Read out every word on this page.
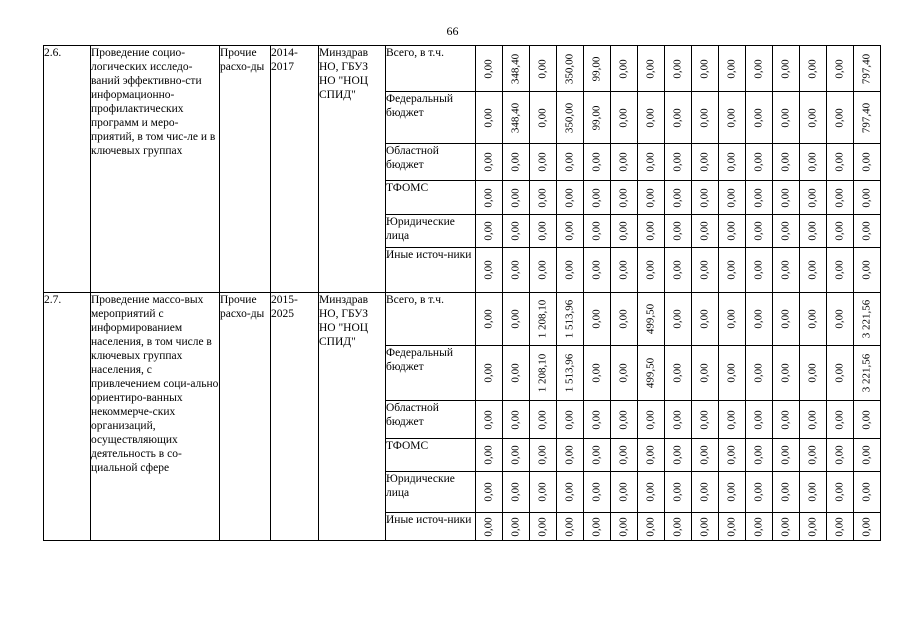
66
2.6.	Проведение социо-логических исследо-ваний эффективно-сти информационно-профилактических программ и меро-приятий, в том чис-ле и в ключевых группах	Прочие расхо-ды	2014-2017	Минздрав НО, ГБУЗ НО "НОЦ СПИД"	Всего, в т.ч.	0,00	348,40	0,00	350,00	99,00	0,00	0,00	0,00	0,00	0,00	0,00	0,00	0,00	0,00	797,40

					Федеральный бюджет	0,00	348,40	0,00	350,00	99,00	0,00	0,00	0,00	0,00	0,00	0,00	0,00	0,00	0,00	797,40

					Областной бюджет	0,00	0,00	0,00	0,00	0,00	0,00	0,00	0,00	0,00	0,00	0,00	0,00	0,00	0,00	0,00

					ТФОМС	0,00	0,00	0,00	0,00	0,00	0,00	0,00	0,00	0,00	0,00	0,00	0,00	0,00	0,00	0,00

					Юридические лица	0,00	0,00	0,00	0,00	0,00	0,00	0,00	0,00	0,00	0,00	0,00	0,00	0,00	0,00	0,00

					Иные источ-ники	0,00	0,00	0,00	0,00	0,00	0,00	0,00	0,00	0,00	0,00	0,00	0,00	0,00	0,00	0,00

2.7.	Проведение массо-вых мероприятий с информированием населения, в том числе в ключевых группах населения, с привлечением соци-ально ориентиро-ванных некоммерче-ских организаций, осуществляющих деятельность в со-циальной сфере	Прочие расхо-ды	2015-2025	Минздрав НО, ГБУЗ НО "НОЦ СПИД"	Всего, в т.ч.	0,00	0,00	1 208,10	1 513,96	0,00	0,00	499,50	0,00	0,00	0,00	0,00	0,00	0,00	0,00	3 221,56

					Федеральный бюджет	0,00	0,00	1 208,10	1 513,96	0,00	0,00	499,50	0,00	0,00	0,00	0,00	0,00	0,00	0,00	3 221,56

					Областной бюджет	0,00	0,00	0,00	0,00	0,00	0,00	0,00	0,00	0,00	0,00	0,00	0,00	0,00	0,00	0,00

					ТФОМС	0,00	0,00	0,00	0,00	0,00	0,00	0,00	0,00	0,00	0,00	0,00	0,00	0,00	0,00	0,00

					Юридические лица	0,00	0,00	0,00	0,00	0,00	0,00	0,00	0,00	0,00	0,00	0,00	0,00	0,00	0,00	0,00

					Иные источ-ники	0,00	0,00	0,00	0,00	0,00	0,00	0,00	0,00	0,00	0,00	0,00	0,00	0,00	0,00	0,00
